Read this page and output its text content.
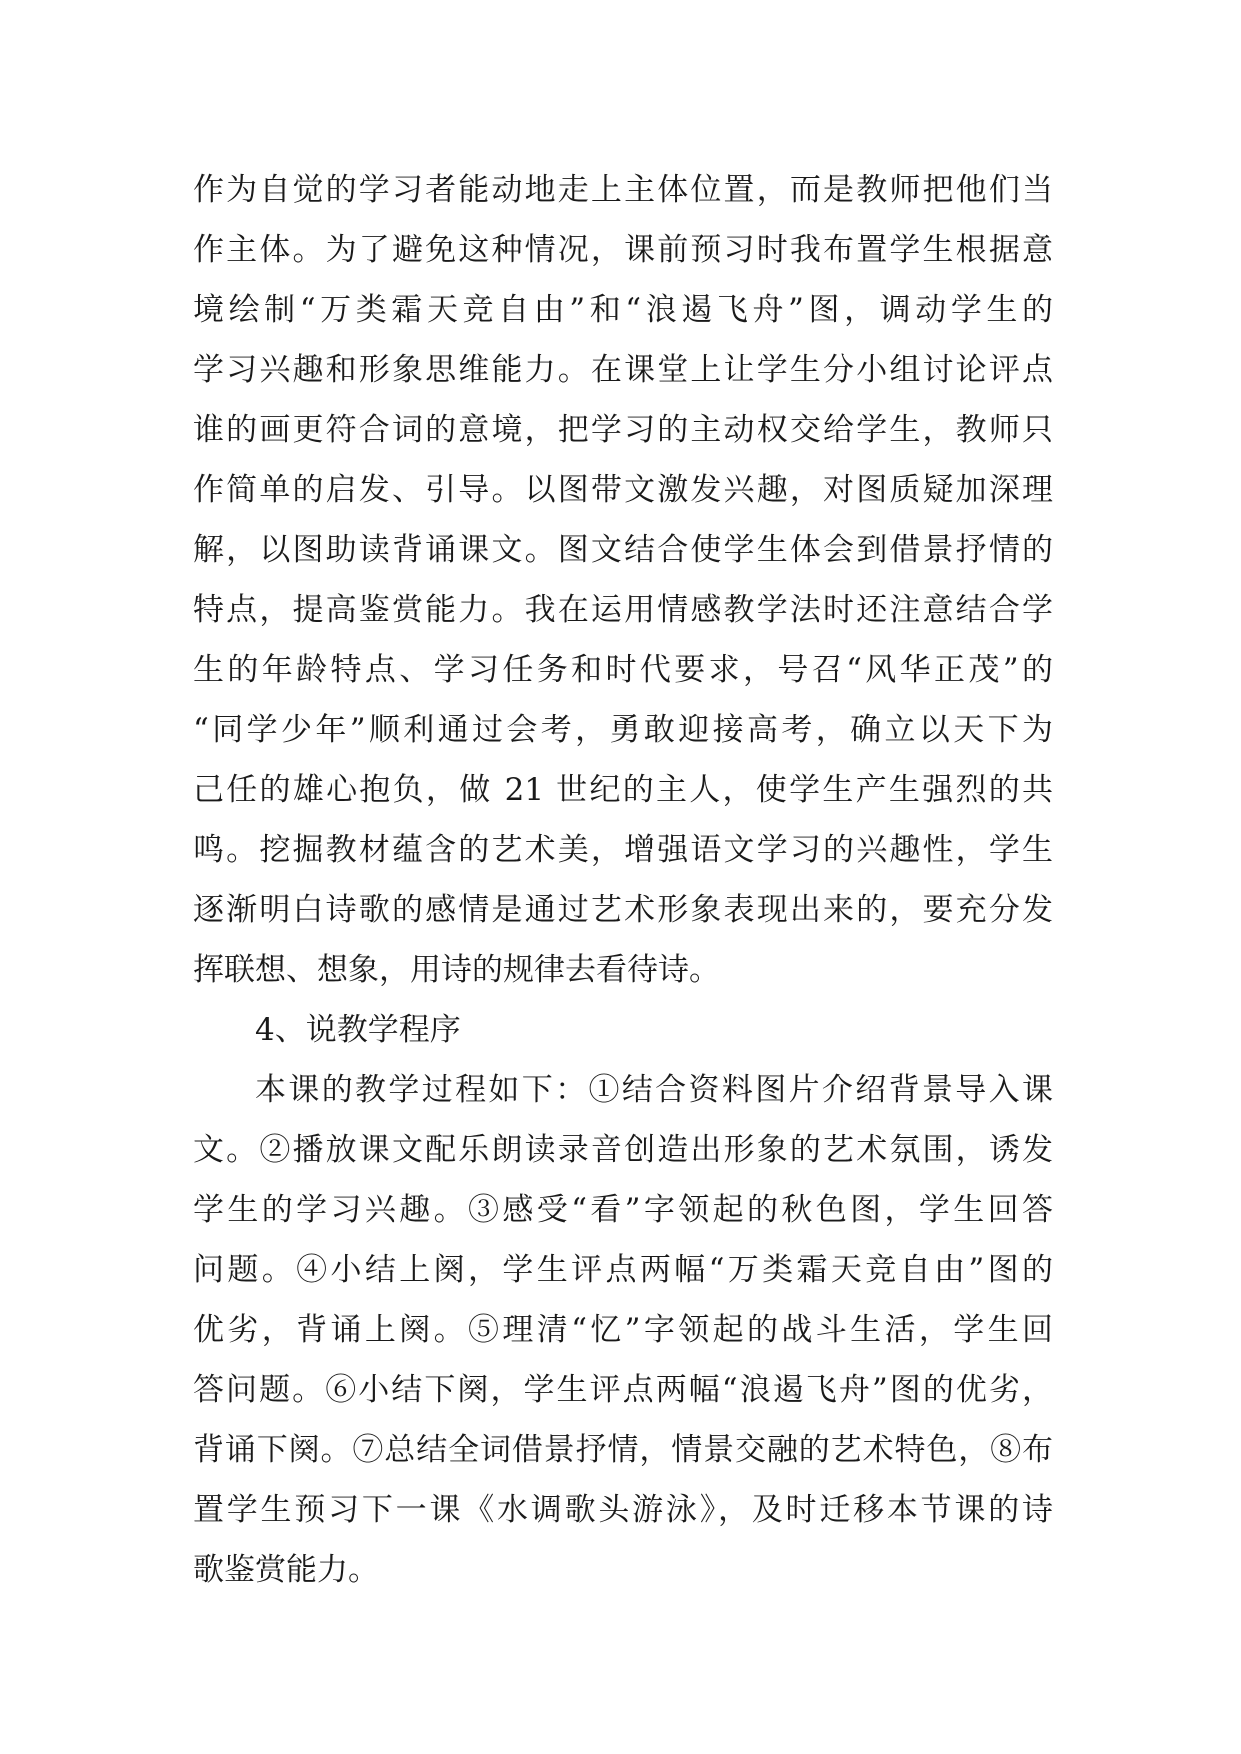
作为自觉的学习者能动地走上主体位置，而是教师把他们当
作主体。为了避免这种情况，课前预习时我布置学生根据意
境绘制“万类霜天竞自由”和“浪遏飞舟”图，调动学生的
学习兴趣和形象思维能力。在课堂上让学生分小组讨论评点
谁的画更符合词的意境，把学习的主动权交给学生，教师只
作简单的启发、引导。以图带文激发兴趣，对图质疑加深理
解，以图助读背诵课文。图文结合使学生体会到借景抒情的
特点，提高鉴赏能力。我在运用情感教学法时还注意结合学
生的年龄特点、学习任务和时代要求，号召“风华正茂”的
“同学少年”顺利通过会考，勇敢迎接高考，确立以天下为
己任的雄心抱负，做 21 世纪的主人，使学生产生强烈的共
鸣。挖掘教材蕴含的艺术美，增强语文学习的兴趣性，学生
逐渐明白诗歌的感情是通过艺术形象表现出来的，要充分发
挥联想、想象，用诗的规律去看待诗。
4、说教学程序
本课的教学过程如下：①结合资料图片介绍背景导入课
文。②播放课文配乐朗读录音创造出形象的艺术氛围，诱发
学生的学习兴趣。③感受“看”字领起的秋色图，学生回答
问题。④小结上阕，学生评点两幅“万类霜天竞自由”图的
优劣，背诵上阕。⑤理清“忆”字领起的战斗生活，学生回
答问题。⑥小结下阕，学生评点两幅“浪遏飞舟”图的优劣，
背诵下阕。⑦总结全词借景抒情，情景交融的艺术特色，⑧布
置学生预习下一课《水调歌头游泳》，及时迁移本节课的诗
歌鉴赏能力。
